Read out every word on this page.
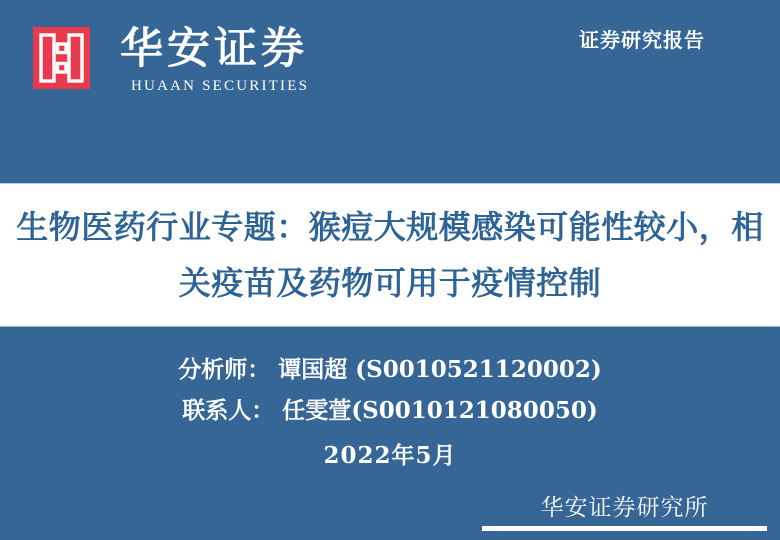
华安证券
HUAAN SECURITIES
证券研究报告
生物医药行业专题：猴痘大规模感染可能性较小，相
关疫苗及药物可用于疫情控制
分析师： 谭国超 (S0010521120002)
联系人： 任雯萱(S0010121080050)
2022年5月
华安证券研究所
